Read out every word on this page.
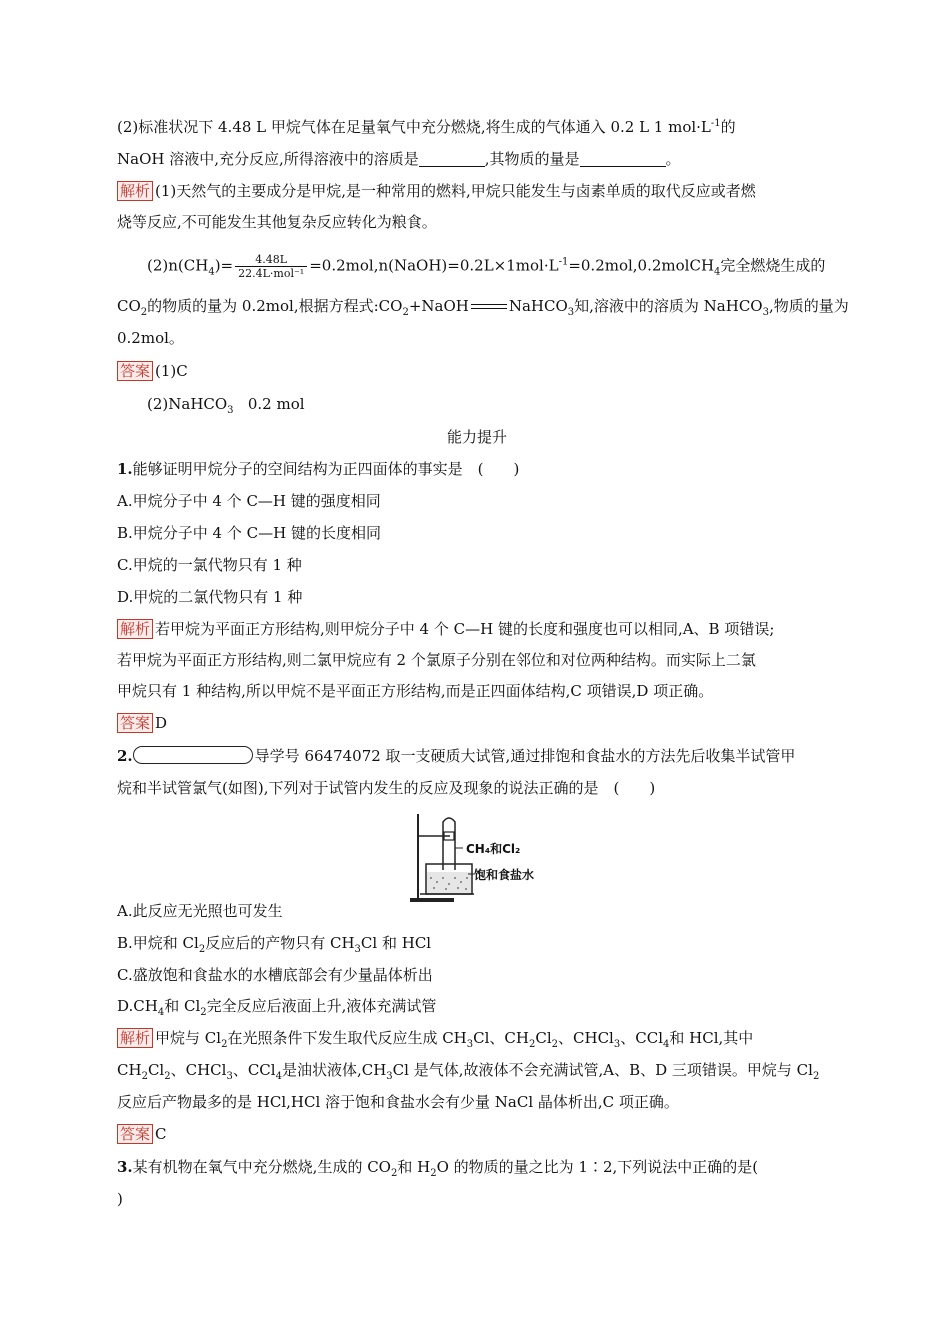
(2)标准状况下 4.48 L 甲烷气体在足量氧气中充分燃烧,将生成的气体通入 0.2 L 1 $mol\cdot L^{-1}$的
NaOH 溶液中,充分反应,所得溶液中的溶质是	,其物质的量是	。
解析 (1)天然气的主要成分是甲烷,是一种常用的燃料,甲烷只能发生与卤素单质的取代反应或者燃
烧等反应,不可能发生其他复杂反应转化为粮食。
$(2)n(CH_4)= \frac{4.48L}{\text{22.4L·mol⁻¹}}$ $=0.2mol,n(NaOH)=0.2L\times 1mol\cdot L^{-1}=0.2mol,0.2molCH_4$完全燃烧生成的
$CO_2$的物质的量为 0.2mol,根据方程式$:CO_2+NaOH$	NaHCO$_3$知,溶液中的溶质为 NaHCO$_3$,物质的量为
0.2mol。
答案 (1)C
(2)NaHCO$_3$   0.2 mol
能力提升
1.能够证明甲烷分子的空间结构为正四面体的事实是　(　　)
A.甲烷分子中 4 个 C—H 键的强度相同
B.甲烷分子中 4 个 C—H 键的长度相同
C.甲烷的一氯代物只有 1 种
D.甲烷的二氯代物只有 1 种
解析 若甲烷为平面正方形结构,则甲烷分子中 4 个 C—H 键的长度和强度也可以相同,A、B 项错误;
若甲烷为平面正方形结构,则二氯甲烷应有 2 个氯原子分别在邻位和对位两种结构。而实际上二氯
甲烷只有 1 种结构,所以甲烷不是平面正方形结构,而是正四面体结构,C 项错误,D 项正确。
答案 D
2.	导学号 66474072 取一支硬质大试管,通过排饱和食盐水的方法先后收集半试管甲
烷和半试管氯气(如图),下列对于试管内发生的反应及现象的说法正确的是　(　　)
CH₄和Cl₂
饱和食盐水
A.此反应无光照也可发生
B.甲烷和 $Cl_2$反应后的产物只有 $CH_3Cl$ 和 HCl
C.盛放饱和食盐水的水槽底部会有少量晶体析出
$D.CH_4$和 $Cl_2$完全反应后液面上升,液体充满试管
解析 甲烷与 $Cl_2$在光照条件下发生取代反应生成 $CH_3Cl$、$CH_2Cl_2$、CHCl$_3$、CCl$_4$和 HCl,其中
$CH_2Cl_2$、CHCl$_3$、CCl$_4$是油状液体$,CH_3Cl$ 是气体,故液体不会充满试管,A、B、D 三项错误。甲烷与 $Cl_2$
反应后产物最多的是 HCl,HCl 溶于饱和食盐水会有少量 NaCl 晶体析出,C 项正确。
答案 C
3.某有机物在氧气中充分燃烧,生成的 $CO_2$和 $H_2O$ 的物质的量之比为 1∶2,下列说法中正确的是(
)
